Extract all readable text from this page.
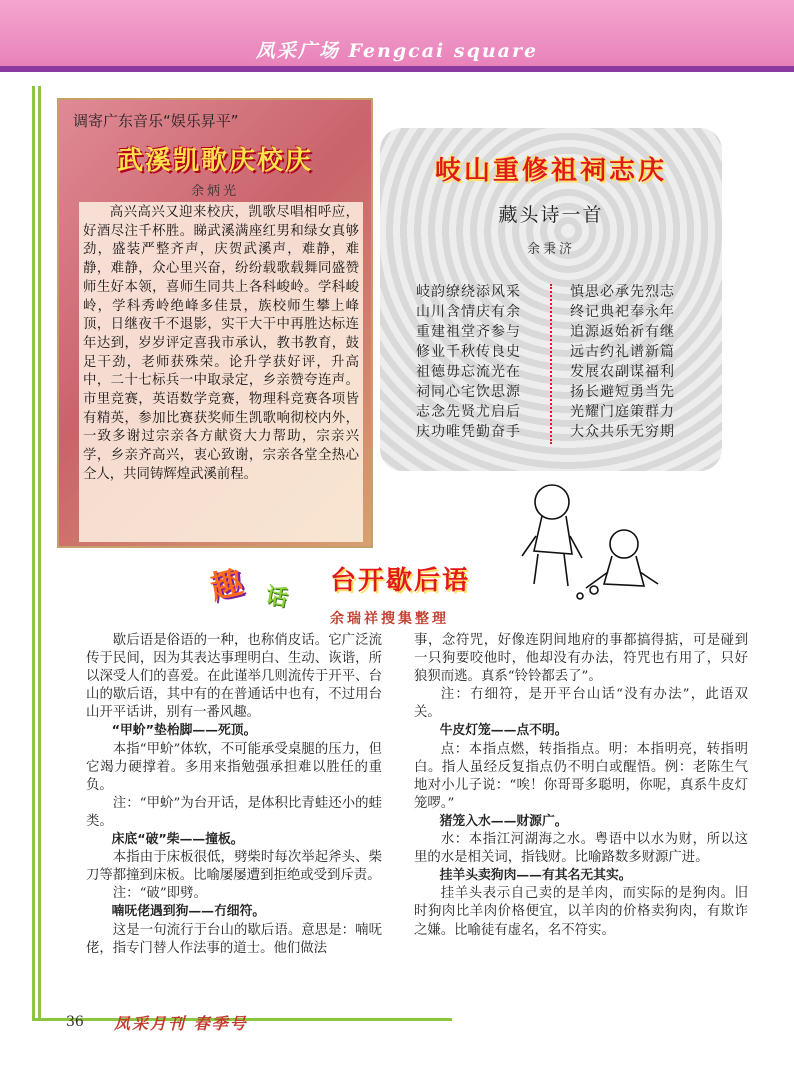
凤采广场 Fengcai square
调寄广东音乐“娱乐昇平”
武溪凯歌庆校庆
余炳光
高兴高兴又迎来校庆，凯歌尽唱相呼应，好酒尽注千杯胜。睇武溪满座红男和绿女真够劲，盛装严整齐声，庆贺武溪声，难静，难静，难静，众心里兴奋，纷纷载歌载舞同盛赞师生好本领，喜师生同共上各科峻岭。学科峻岭，学科秀岭绝峰多佳景，族校师生攀上峰顶，日继夜千不退影，实干大干中再胜达标连年达到，岁岁评定喜我市承认，教书教育，鼓足干劲，老师获殊荣。论升学获好评，升高中，二十七标兵一中取录定，乡亲赞夸连声。市里竞赛，英语数学竞赛，物理科竞赛各项皆有精英，参加比赛获奖师生凯歌响彻校内外，一致多谢过宗亲各方献资大力帮助，宗亲兴学，乡亲齐高兴，衷心致谢，宗亲各堂全热心仝人，共同铸辉煌武溪前程。
岐山重修祖祠志庆
藏头诗一首
余秉济
岐韵缭绕添风采
山川含情庆有余
重建祖堂齐参与
修业千秋传良史
祖德毋忘流光在
祠同心宅饮思源
志念先贤尤启后
庆功唯凭勤奋手
慎思必承先烈志
终记典祀奉永年
追源返始祈有继
远古约礼谱新篇
发展农副谋福利
扬长避短勇当先
光耀门庭策群力
大众共乐无穷期
趣 话
台开歇后语
余瑞祥搜集整理

歇后语是俗语的一种，也称俏皮话。它广泛流传于民间，因为其表达事理明白、生动、诙谐，所以深受人们的喜爱。在此谨举几则流传于开平、台山的歇后语，其中有的在普通话中也有，不过用台山开平话讲，别有一番风趣。

“甲蚧”垫枱脚——死顶。

本指“甲蚧”体软，不可能承受桌腿的压力，但它竭力硬撑着。多用来指勉强承担难以胜任的重负。

注：“甲蚧”为台开话，是体积比青蛙还小的蛙类。

床底“破”柴——撞板。

本指由于床板很低，劈柴时每次举起斧头、柴刀等都撞到床板。比喻屡屡遭到拒绝或受到斥责。

注：“破”即劈。

喃呒佬遇到狗——冇细符。

这是一句流行于台山的歇后语。意思是：喃呒佬，指专门替人作法事的道士。他们做法

事，念符咒，好像连阴间地府的事都搞得掂，可是碰到一只狗要咬他时，他却没有办法，符咒也冇用了，只好狼狈而逃。真系“铃铃都丢了”。

注：冇细符，是开平台山话“没有办法”，此语双关。

牛皮灯笼——点不明。

点：本指点燃，转指指点。明：本指明亮，转指明白。指人虽经反复指点仍不明白或醒悟。例：老陈生气地对小儿子说：“唉！你哥哥多聪明，你呢，真系牛皮灯笼啰。”

猪笼入水——财源广。

水：本指江河湖海之水。粤语中以水为财，所以这里的水是相关词，指钱财。比喻路数多财源广进。

挂羊头卖狗肉——有其名无其实。

挂羊头表示自己卖的是羊肉，而实际的是狗肉。旧时狗肉比羊肉价格便宜，以羊肉的价格卖狗肉，有欺诈之嫌。比喻徒有虚名，名不符实。

36 凤采月刊 春季号
